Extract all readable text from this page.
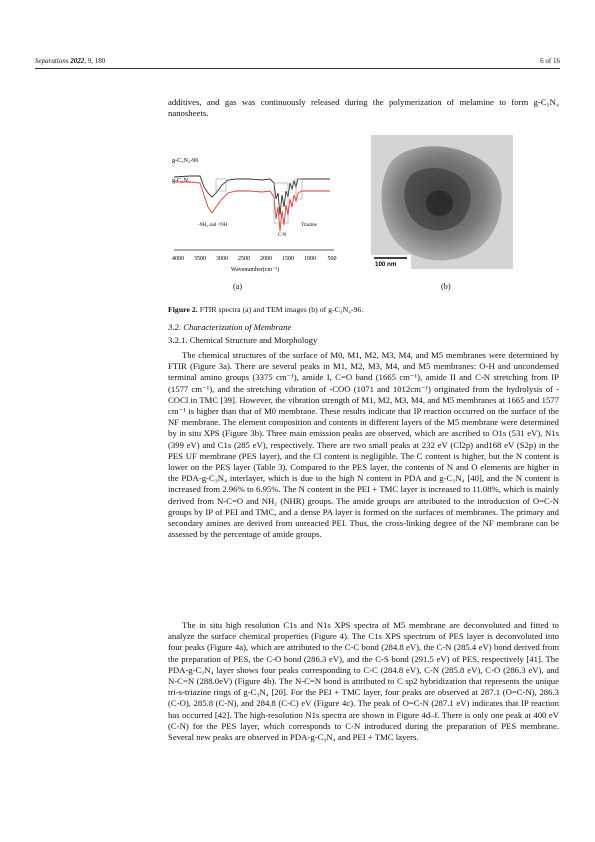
Separations 2022, 9, 180	6 of 16
additives, and gas was continuously released during the polymerization of melamine to form g-C₃N₄ nanosheets.
g-C₃N₄-96
g-C₃N₄
-NH₂ and =NH
C-N
Triazine
4000 3500 3000 2500 2000 1500 1000 500
Wavenumber(cm⁻¹)
100 nm
(a)	(b)
Figure 2. FTIR spectra (a) and TEM images (b) of g-C₃N₄-96.
3.2. Characterization of Membrane
3.2.1. Chemical Structure and Morphology
The chemical structures of the surface of M0, M1, M2, M3, M4, and M5 membranes were determined by FTIR (Figure 3a). There are several peaks in M1, M2, M3, M4, and M5 membranes: O-H and uncondensed terminal amino groups (3375 cm⁻¹), amide I, C=O band (1665 cm⁻¹), amide II and C-N stretching from IP (1577 cm⁻¹), and the stretching vibration of -COO (1071 and 1012cm⁻¹) originated from the hydrolysis of -COCl in TMC [39]. However, the vibration strength of M1, M2, M3, M4, and M5 membranes at 1665 and 1577 cm⁻¹ is higher than that of M0 membrane. These results indicate that IP reaction occurred on the surface of the NF membrane. The element composition and contents in different layers of the M5 membrane were determined by in situ XPS (Figure 3b). Three main emission peaks are observed, which are ascribed to O1s (531 eV), N1s (399 eV) and C1s (285 eV), respectively. There are two small peaks at 232 eV (Cl2p) and168 eV (S2p) in the PES UF membrane (PES layer), and the Cl content is negligible. The C content is higher, but the N content is lower on the PES layer (Table 3). Compared to the PES layer, the contents of N and O elements are higher in the PDA-g-C₃N₄ interlayer, which is due to the high N content in PDA and g-C₃N₄ [40], and the N content is increased from 2.96% to 6.95%. The N content in the PEI + TMC layer is increased to 11.08%, which is mainly derived from N-C=O and NH₂ (NHR) groups. The amide groups are attributed to the introduction of O=C-N groups by IP of PEI and TMC, and a dense PA layer is formed on the surfaces of membranes. The primary and secondary amines are derived from unreacted PEI. Thus, the cross-linking degree of the NF membrane can be assessed by the percentage of amide groups.
The in situ high resolution C1s and N1s XPS spectra of M5 membrane are deconvoluted and fitted to analyze the surface chemical properties (Figure 4). The C1s XPS spectrum of PES layer is deconvoluted into four peaks (Figure 4a), which are attributed to the C-C bond (284.8 eV), the C-N (285.4 eV) bond derived from the preparation of PES, the C-O bond (286.3 eV), and the C-S bond (291.5 eV) of PES, respectively [41]. The PDA-g-C₃N₄ layer shows four peaks corresponding to C-C (284.8 eV), C-N (285.8 eV), C-O (286.3 eV), and N-C=N (288.0eV) (Figure 4b). The N-C=N bond is attributed to C sp2 hybridization that represents the unique tri-s-triazine rings of g-C₃N₄ [20]. For the PEI + TMC layer, four peaks are observed at 287.1 (O=C-N), 286.3 (C-O), 285.8 (C-N), and 284.8 (C-C) eV (Figure 4c). The peak of O=C-N (287.1 eV) indicates that IP reaction has occurred [42]. The high-resolution N1s spectra are shown in Figure 4d–f. There is only one peak at 400 eV (C-N) for the PES layer, which corresponds to C-N introduced during the preparation of PES membrane. Several new peaks are observed in PDA-g-C₃N₄ and PEI + TMC layers.
